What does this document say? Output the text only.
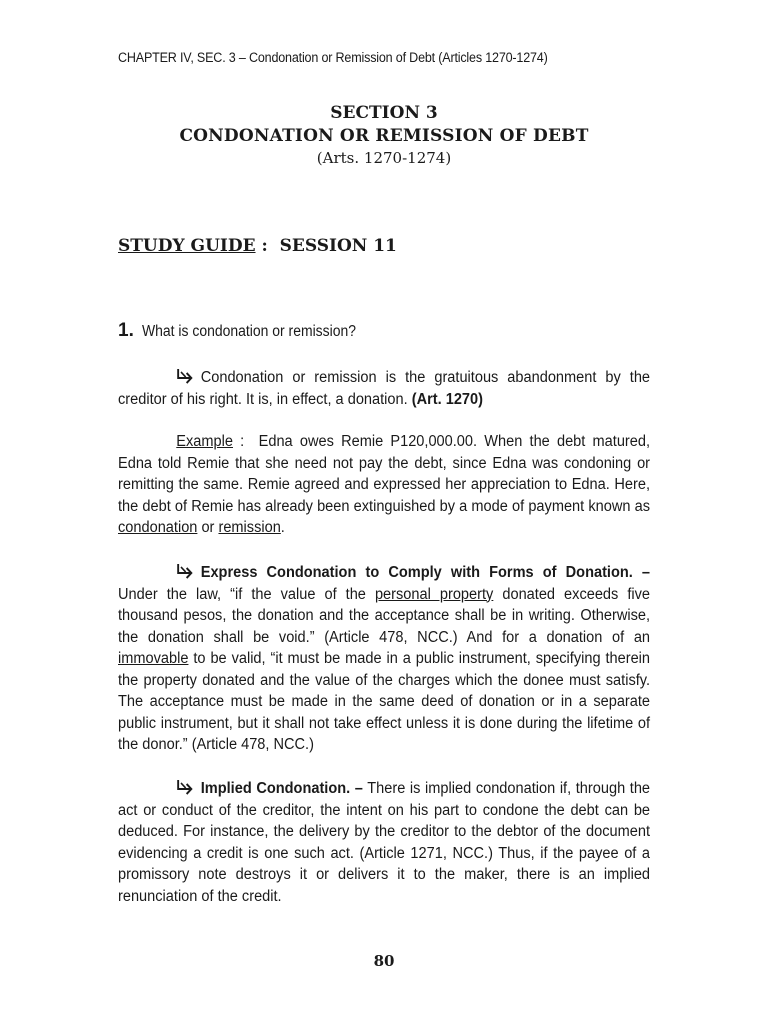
CHAPTER IV, SEC. 3 – Condonation or Remission of Debt (Articles 1270-1274)
SECTION 3
CONDONATION OR REMISSION OF DEBT
(Arts. 1270-1274)
STUDY GUIDE :  SESSION 11
1. What is condonation or remission?
Condonation or remission is the gratuitous abandonment by the creditor of his right. It is, in effect, a donation. (Art. 1270)
Example :  Edna owes Remie P120,000.00. When the debt matured, Edna told Remie that she need not pay the debt, since Edna was condoning or remitting the same. Remie agreed and expressed her appreciation to Edna. Here, the debt of Remie has already been extinguished by a mode of payment known as condonation or remission.
Express Condonation to Comply with Forms of Donation. – Under the law, “if the value of the personal property donated exceeds five thousand pesos, the donation and the acceptance shall be in writing. Otherwise, the donation shall be void.” (Article 478, NCC.) And for a donation of an immovable to be valid, “it must be made in a public instrument, specifying therein the property donated and the value of the charges which the donee must satisfy. The acceptance must be made in the same deed of donation or in a separate public instrument, but it shall not take effect unless it is done during the lifetime of the donor.” (Article 478, NCC.)
Implied Condonation. – There is implied condonation if, through the act or conduct of the creditor, the intent on his part to condone the debt can be deduced. For instance, the delivery by the creditor to the debtor of the document evidencing a credit is one such act. (Article 1271, NCC.) Thus, if the payee of a promissory note destroys it or delivers it to the maker, there is an implied renunciation of the credit.
80
